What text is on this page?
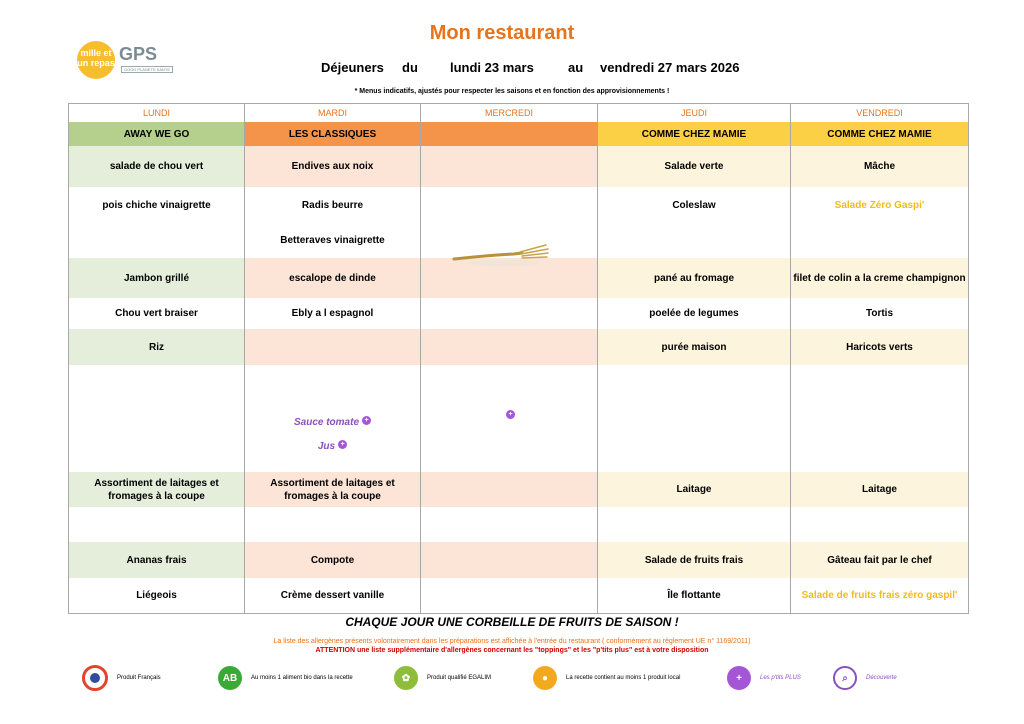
Mon restaurant
mille et un repas GPS
GOOD PLANETE SANTE	Déjeuners du lundi 23 mars	au vendredi 27 mars 2026
* Menus indicatifs, ajustés pour respecter les saisons et en fonction des approvisionnements !
LUNDI	MARDI	MERCREDI	JEUDI	VENDREDI
AWAY WE GO	LES CLASSIQUES		COMME CHEZ MAMIE	COMME CHEZ MAMIE
salade de chou vert	Endives aux noix		Salade verte	Mâche
pois chiche vinaigrette	Radis beurre		Coleslaw	Salade Zéro Gaspi'
	Betteraves vinaigrette			
Jambon grillé	escalope de dinde		pané au fromage	filet de colin a la creme champignon
Chou vert braiser	Ebly a l espagnol		poelée de legumes	Tortis
Riz			purée maison	Haricots verts
	Sauce tomate +	+		
	Jus +			
Assortiment de laitages et fromages à la coupe	Assortiment de laitages et fromages à la coupe		Laitage	Laitage

Ananas frais	Compote		Salade de fruits frais	Gâteau fait par le chef
Liégeois	Crème dessert vanille		Île flottante	Salade de fruits frais zéro gaspil'
CHAQUE JOUR UNE CORBEILLE DE FRUITS DE SAISON !
La liste des allergènes présents volontairement dans les préparations est affichée à l'entrée du restaurant ( conformément au règlement UE n° 1169/2011)
ATTENTION une liste supplémentaire d'allergènes concernant les "toppings" et les "p'tits plus" est à votre disposition
Produit Français	AB	Au moins 1 aliment bio dans la recette	✿	Produit qualifié EGALIM	●	La recette contient au moins 1 produit local	+	Les p'tits PLUS	⌕	Découverte
